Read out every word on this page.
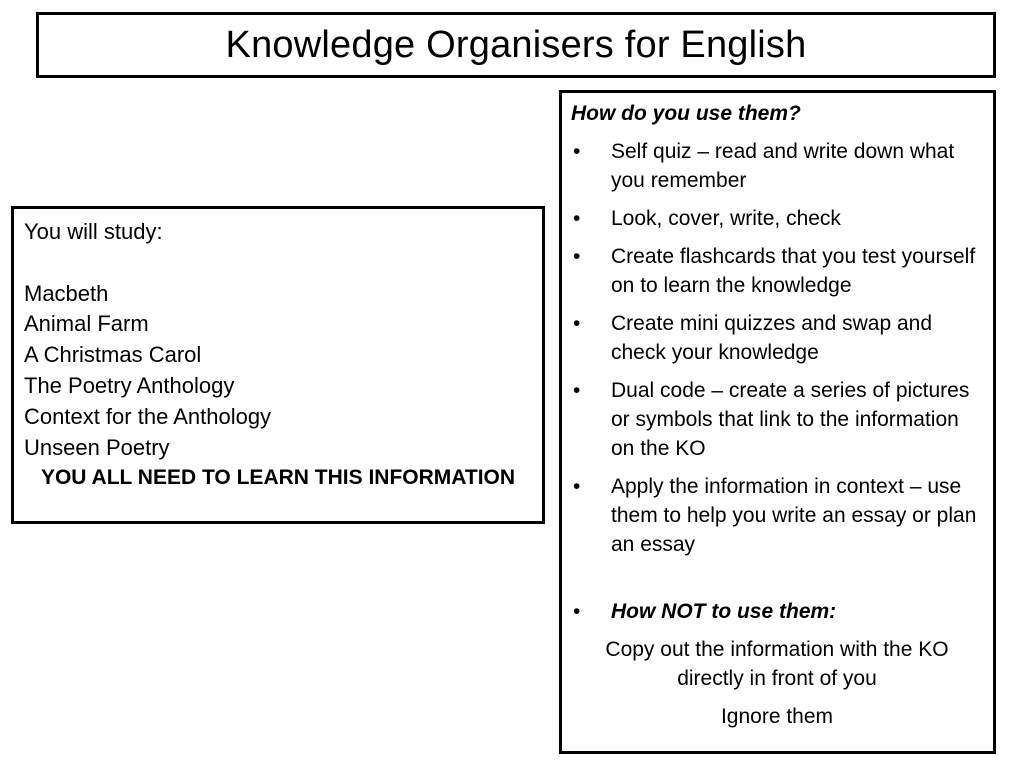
Knowledge Organisers for English
You will study:
Macbeth
Animal Farm
A Christmas Carol
The Poetry Anthology
Context for the Anthology
Unseen Poetry
YOU ALL NEED TO LEARN THIS INFORMATION
How do you use them?
• Self quiz – read and write down what you remember
• Look, cover, write, check
• Create flashcards that you test yourself on to learn the knowledge
• Create mini quizzes and swap and check your knowledge
• Dual code – create a series of pictures or symbols that link to the information on the KO
• Apply the information in context – use them to help you write an essay or plan an essay
• How NOT to use them:
Copy out the information with the KO directly in front of you
Ignore them
